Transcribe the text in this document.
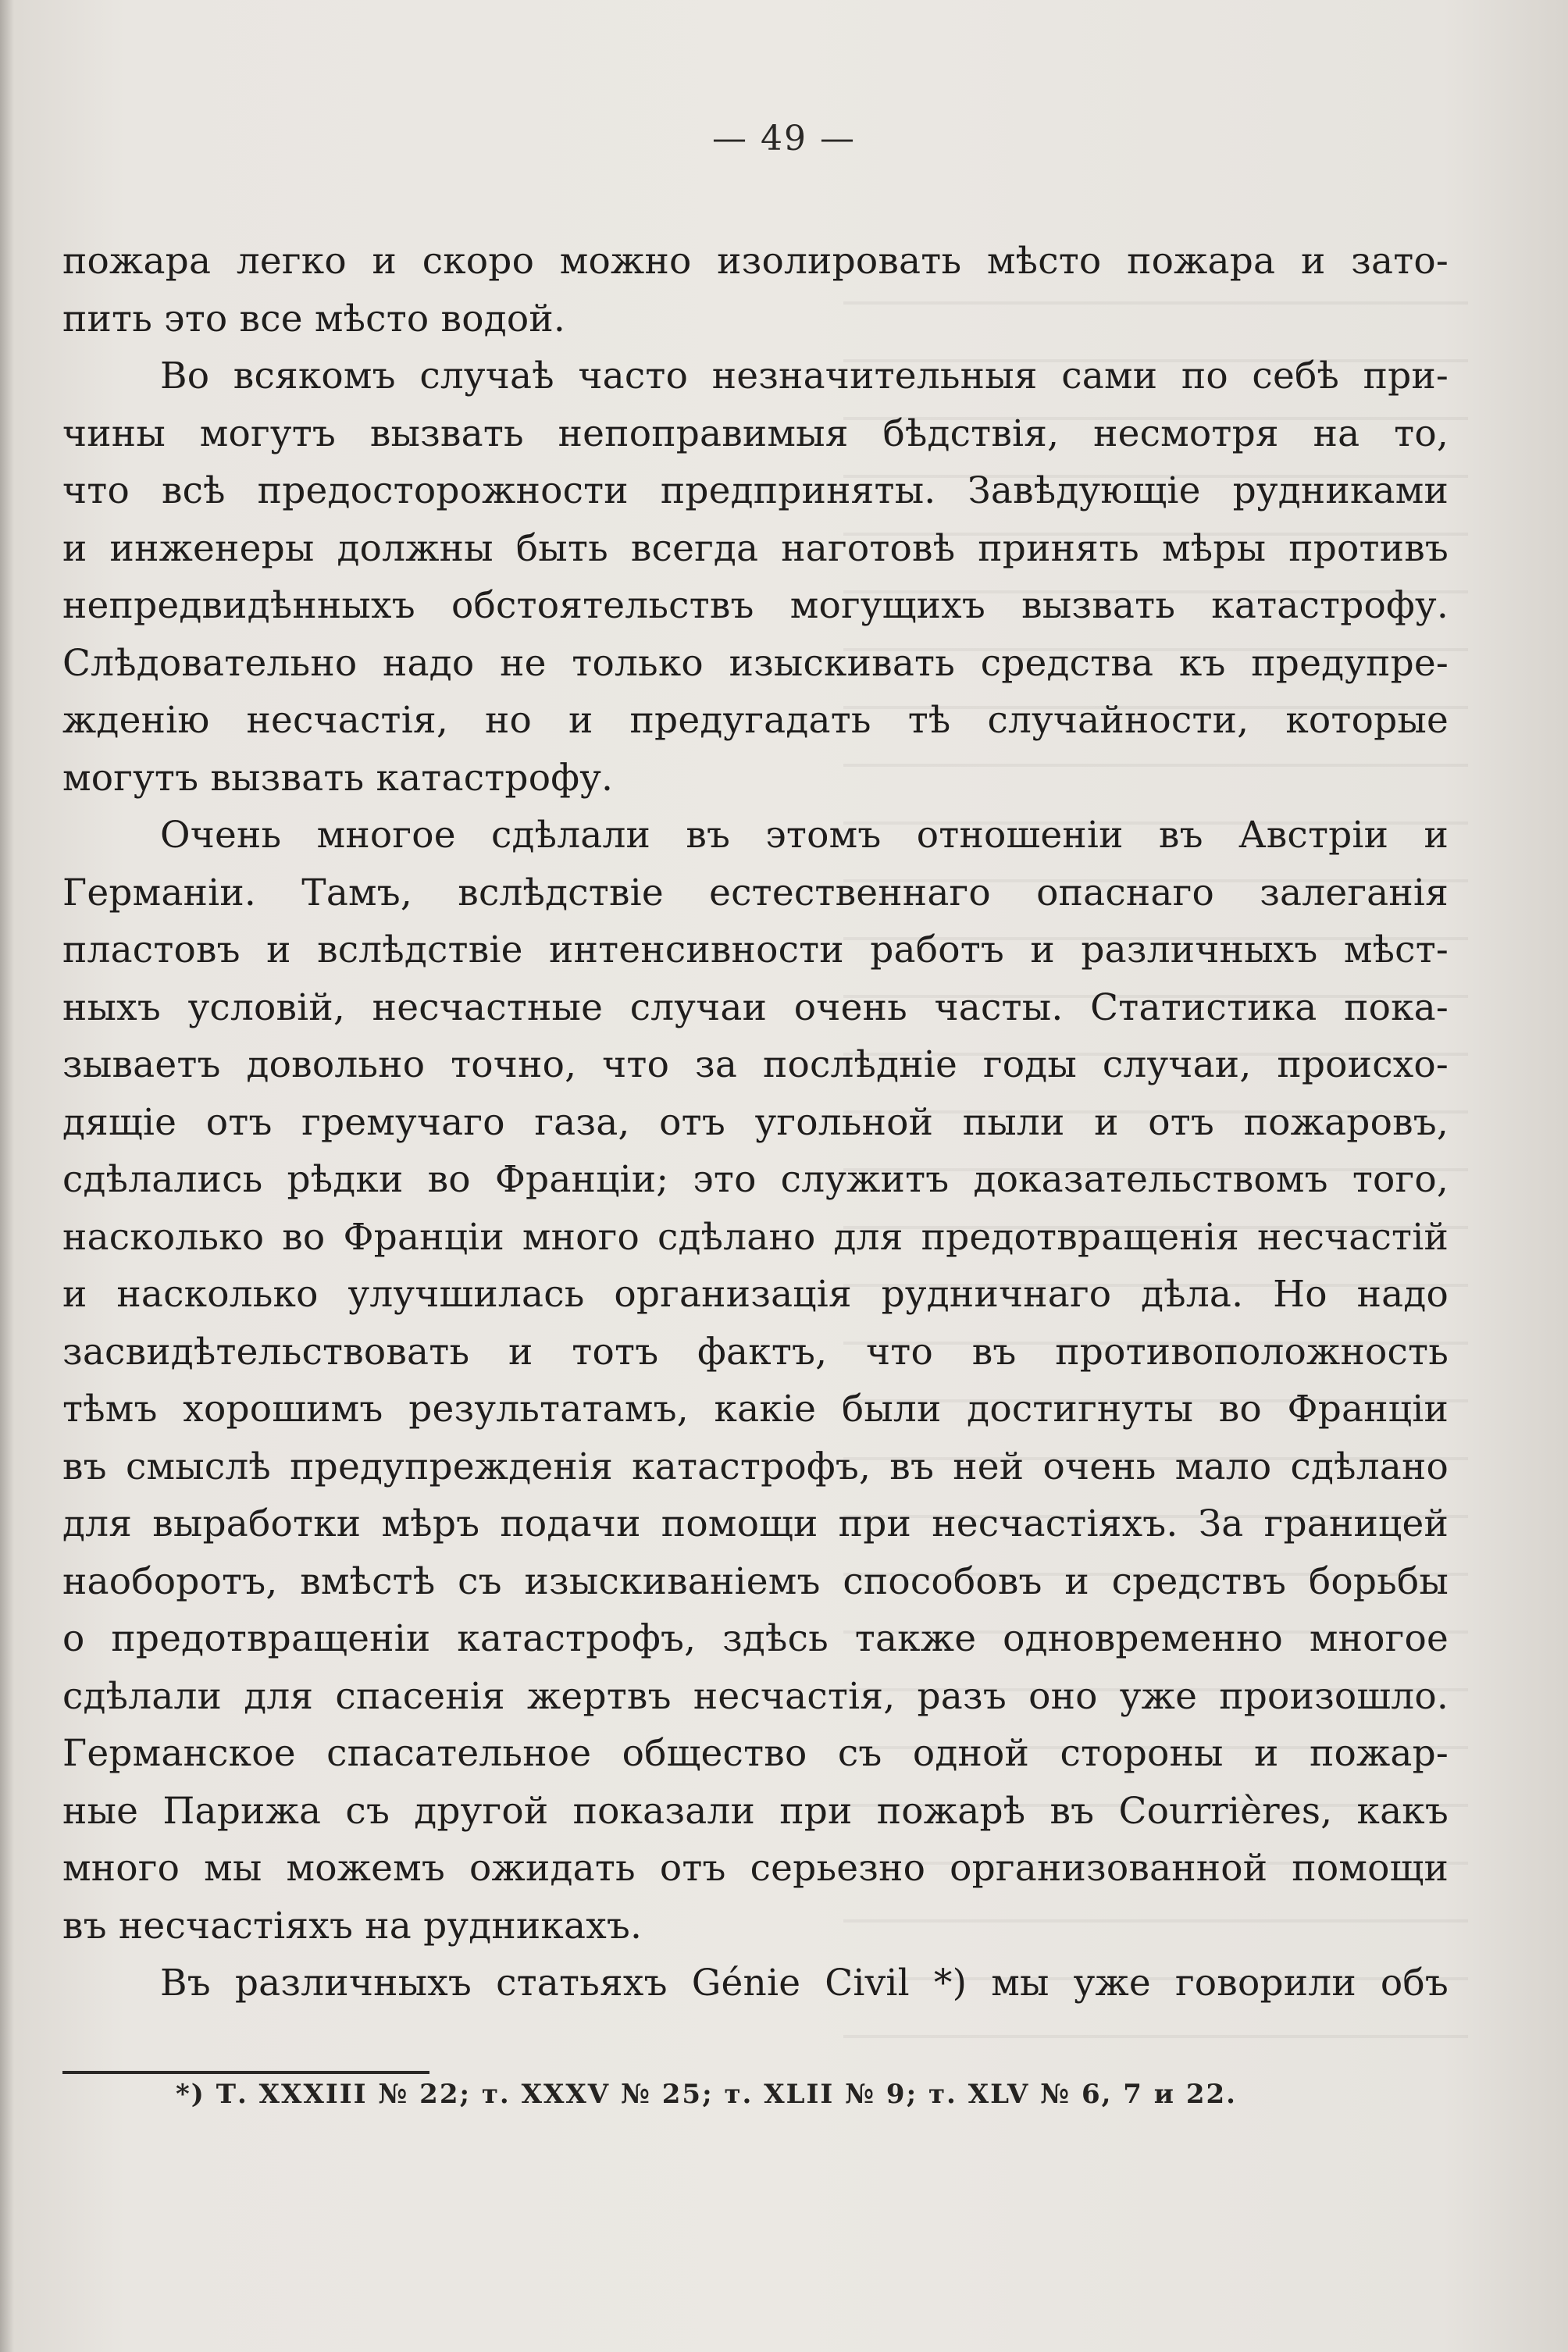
— 49 —
пожара легко и скоро можно изолировать мѣсто пожара и зато-
пить это все мѣсто водой.
Во всякомъ случаѣ часто незначительныя сами по себѣ при-
чины могутъ вызвать непоправимыя бѣдствія, несмотря на то,
что всѣ предосторожности предприняты. Завѣдующіе рудниками
и инженеры должны быть всегда наготовѣ принять мѣры противъ
непредвидѣнныхъ обстоятельствъ могущихъ вызвать катастрофу.
Слѣдовательно надо не только изыскивать средства къ предупре-
жденію несчастія, но и предугадать тѣ случайности, которые
могутъ вызвать катастрофу.
Очень многое сдѣлали въ этомъ отношеніи въ Австріи и
Германіи. Тамъ, вслѣдствіе естественнаго опаснаго залеганія
пластовъ и вслѣдствіе интенсивности работъ и различныхъ мѣст-
ныхъ условій, несчастные случаи очень часты. Статистика пока-
зываетъ довольно точно, что за послѣдніе годы случаи, происхо-
дящіе отъ гремучаго газа, отъ угольной пыли и отъ пожаровъ,
сдѣлались рѣдки во Франціи; это служитъ доказательствомъ того,
насколько во Франціи много сдѣлано для предотвращенія несчастій
и насколько улучшилась организація рудничнаго дѣла. Но надо
засвидѣтельствовать и тотъ фактъ, что въ противоположность
тѣмъ хорошимъ результатамъ, какіе были достигнуты во Франціи
въ смыслѣ предупрежденія катастрофъ, въ ней очень мало сдѣлано
для выработки мѣръ подачи помощи при несчастіяхъ. За границей
наоборотъ, вмѣстѣ съ изыскиваніемъ способовъ и средствъ борьбы
о предотвращеніи катастрофъ, здѣсь также одновременно многое
сдѣлали для спасенія жертвъ несчастія, разъ оно уже произошло.
Германское спасательное общество съ одной стороны и пожар-
ные Парижа съ другой показали при пожарѣ въ Courrières, какъ
много мы можемъ ожидать отъ серьезно организованной помощи
въ несчастіяхъ на рудникахъ.
Въ различныхъ статьяхъ Génie Civil *) мы уже говорили объ
*) Т. XXXIII № 22; т. XXXV № 25; т. XLII № 9; т. XLV № 6, 7 и 22.
